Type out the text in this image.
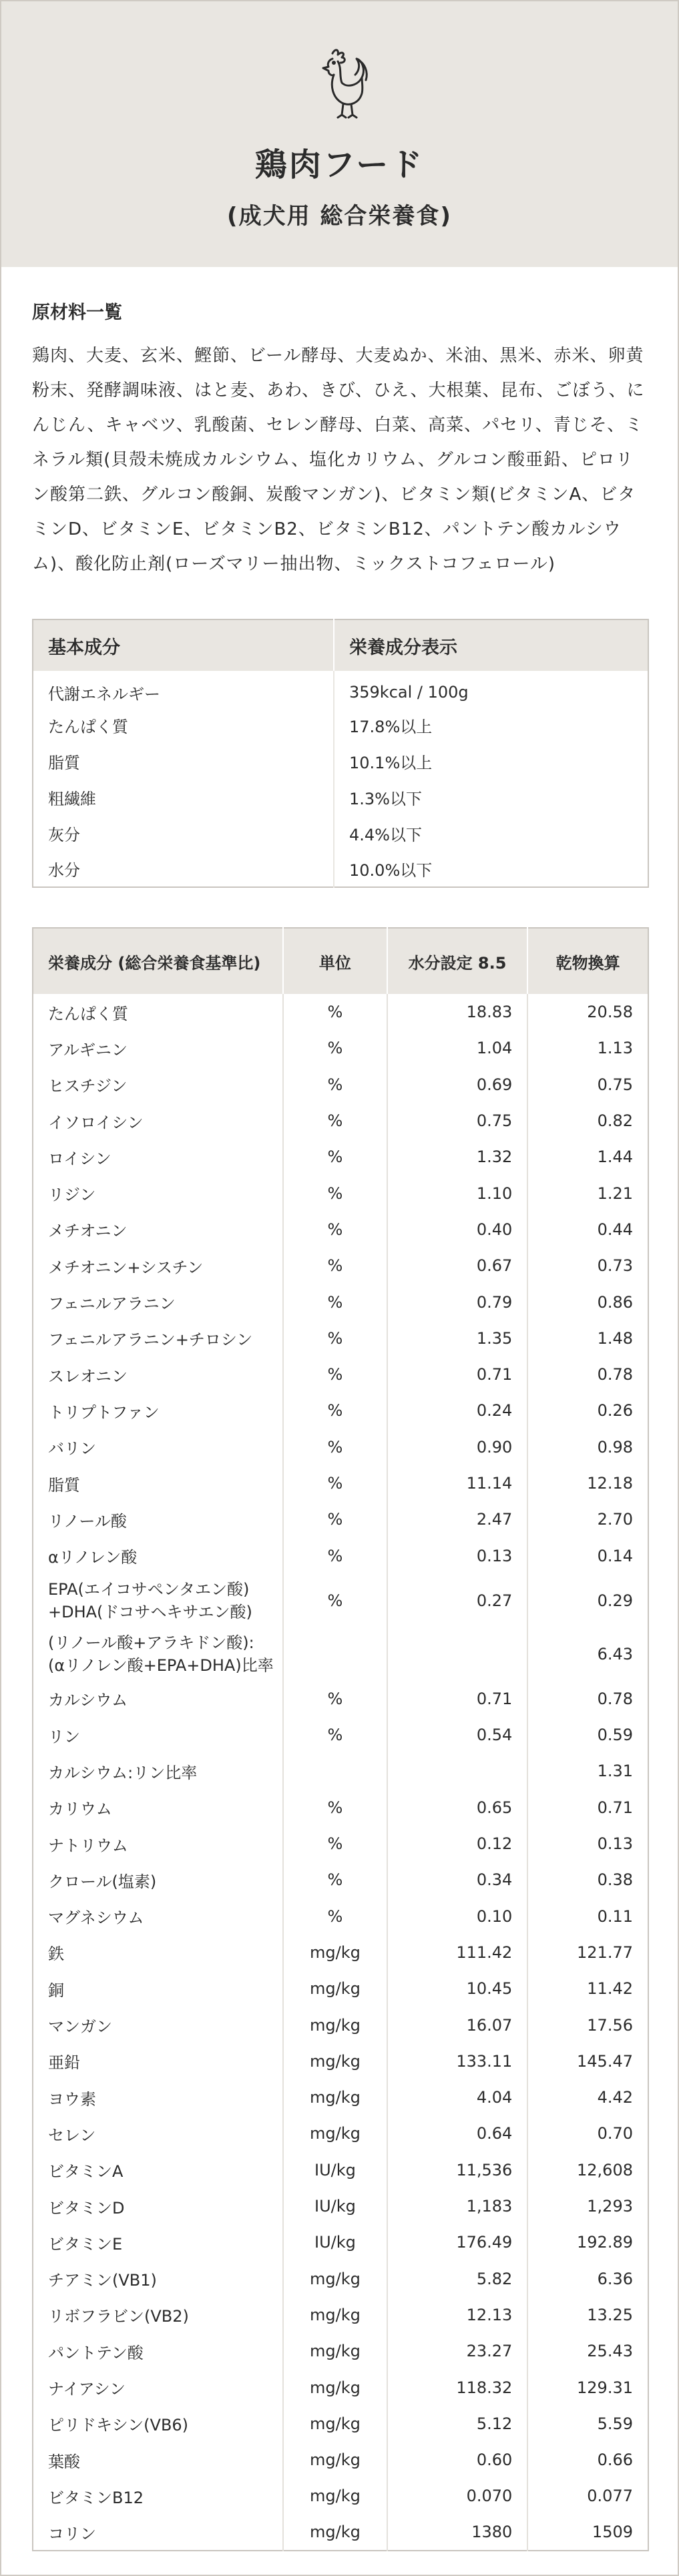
鶏肉フード
(成犬用 総合栄養食)
原材料一覧
鶏肉、大麦、玄米、鰹節、ビール酵母、大麦ぬか、米油、黒米、赤米、卵黄粉末、発酵調味液、はと麦、あわ、きび、ひえ、大根葉、昆布、ごぼう、にんじん、キャベツ、乳酸菌、セレン酵母、白菜、高菜、パセリ、青じそ、ミネラル類(貝殻未焼成カルシウム、塩化カリウム、グルコン酸亜鉛、ピロリン酸第二鉄、グルコン酸銅、炭酸マンガン)、ビタミン類(ビタミンA、ビタミンD、ビタミンE、ビタミンB2、ビタミンB12、パントテン酸カルシウム)、酸化防止剤(ローズマリー抽出物、ミックストコフェロール)
基本成分	栄養成分表示
代謝エネルギー	359kcal / 100g
たんぱく質	17.8%以上
脂質	10.1%以上
粗繊維	1.3%以下
灰分	4.4%以下
水分	10.0%以下
栄養成分 (総合栄養食基準比)	単位	水分設定 8.5	乾物換算
たんぱく質	%	18.83	20.58
アルギニン	%	1.04	1.13
ヒスチジン	%	0.69	0.75
イソロイシン	%	0.75	0.82
ロイシン	%	1.32	1.44
リジン	%	1.10	1.21
メチオニン	%	0.40	0.44
メチオニン+シスチン	%	0.67	0.73
フェニルアラニン	%	0.79	0.86
フェニルアラニン+チロシン	%	1.35	1.48
スレオニン	%	0.71	0.78
トリプトファン	%	0.24	0.26
バリン	%	0.90	0.98
脂質	%	11.14	12.18
リノール酸	%	2.47	2.70
αリノレン酸	%	0.13	0.14
EPA(エイコサペンタエン酸)
+DHA(ドコサヘキサエン酸)	%	0.27	0.29
(リノール酸+アラキドン酸):
(αリノレン酸+EPA+DHA)比率			6.43
カルシウム	%	0.71	0.78
リン	%	0.54	0.59
カルシウム:リン比率			1.31
カリウム	%	0.65	0.71
ナトリウム	%	0.12	0.13
クロール(塩素)	%	0.34	0.38
マグネシウム	%	0.10	0.11
鉄	mg/kg	111.42	121.77
銅	mg/kg	10.45	11.42
マンガン	mg/kg	16.07	17.56
亜鉛	mg/kg	133.11	145.47
ヨウ素	mg/kg	4.04	4.42
セレン	mg/kg	0.64	0.70
ビタミンA	IU/kg	11,536	12,608
ビタミンD	IU/kg	1,183	1,293
ビタミンE	IU/kg	176.49	192.89
チアミン(VB1)	mg/kg	5.82	6.36
リボフラビン(VB2)	mg/kg	12.13	13.25
パントテン酸	mg/kg	23.27	25.43
ナイアシン	mg/kg	118.32	129.31
ピリドキシン(VB6)	mg/kg	5.12	5.59
葉酸	mg/kg	0.60	0.66
ビタミンB12	mg/kg	0.070	0.077
コリン	mg/kg	1380	1509
